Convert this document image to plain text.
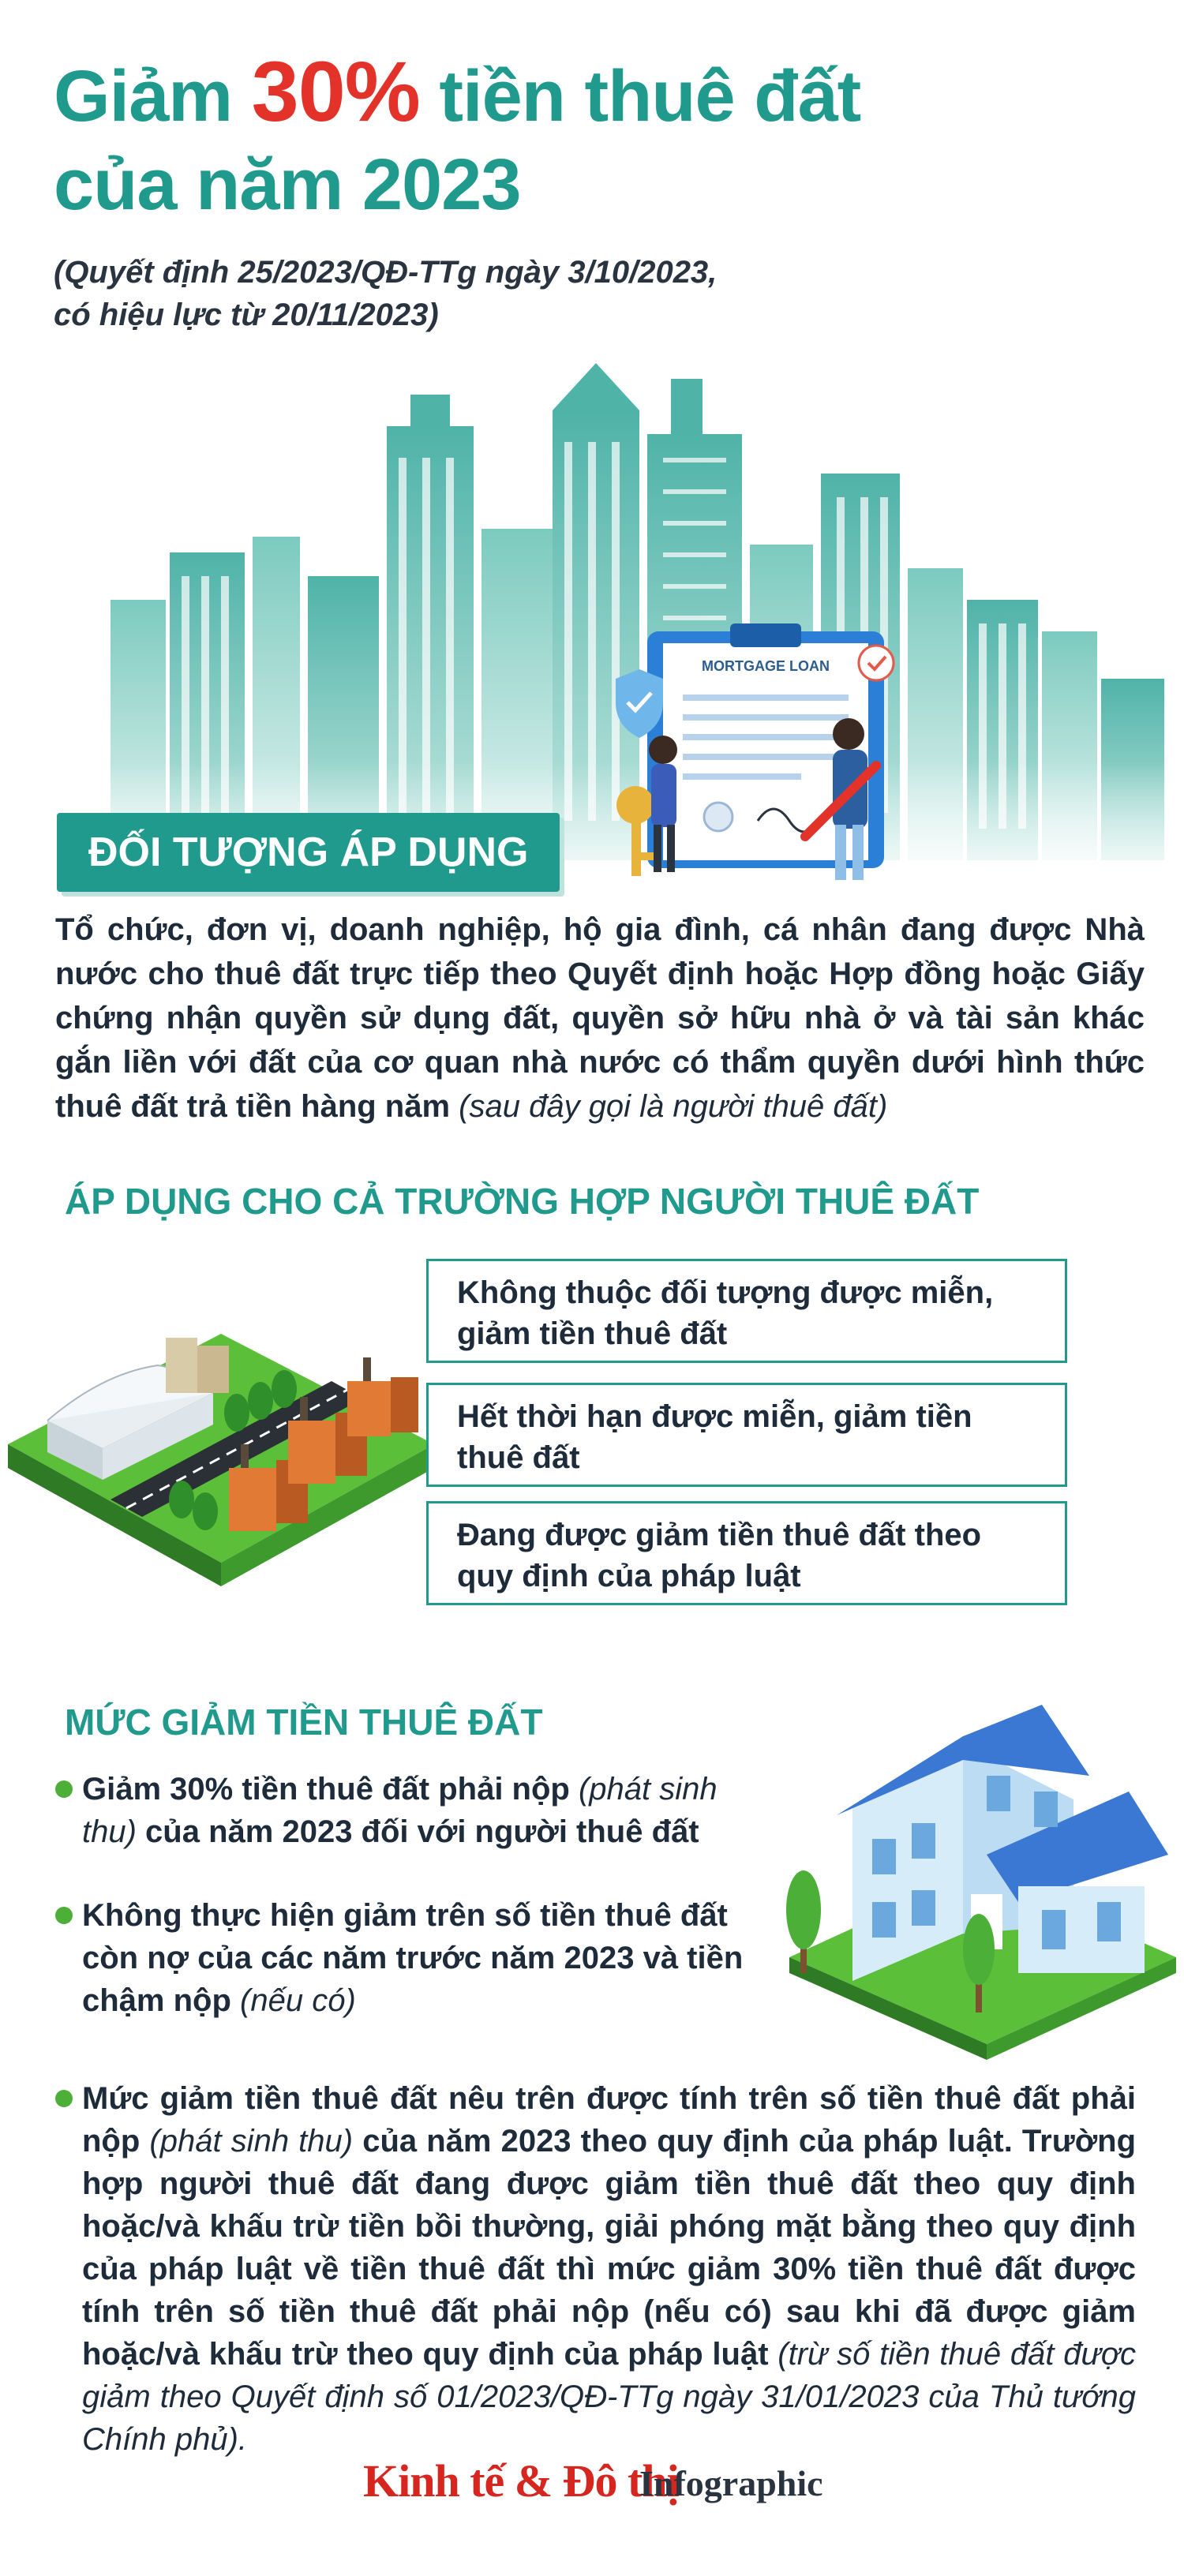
Giảm 30% tiền thuê đất
của năm 2023
(Quyết định 25/2023/QĐ-TTg ngày 3/10/2023,
có hiệu lực từ 20/11/2023)
MORTGAGE LOAN
ĐỐI TƯỢNG ÁP DỤNG
Tổ chức, đơn vị, doanh nghiệp, hộ gia đình, cá nhân đang được Nhà nước cho thuê đất trực tiếp theo Quyết định hoặc Hợp đồng hoặc Giấy chứng nhận quyền sử dụng đất, quyền sở hữu nhà ở và tài sản khác gắn liền với đất của cơ quan nhà nước có thẩm quyền dưới hình thức thuê đất trả tiền hàng năm (sau đây gọi là người thuê đất)
ÁP DỤNG CHO CẢ TRƯỜNG HỢP NGƯỜI THUÊ ĐẤT
Không thuộc đối tượng được miễn, giảm tiền thuê đất
Hết thời hạn được miễn, giảm tiền thuê đất
Đang được giảm tiền thuê đất theo quy định của pháp luật
MỨC GIẢM TIỀN THUÊ ĐẤT
Giảm 30% tiền thuê đất phải nộp (phát sinh thu) của năm 2023 đối với người thuê đất
Không thực hiện giảm trên số tiền thuê đất còn nợ của các năm trước năm 2023 và tiền chậm nộp (nếu có)
Mức giảm tiền thuê đất nêu trên được tính trên số tiền thuê đất phải nộp (phát sinh thu) của năm 2023 theo quy định của pháp luật. Trường hợp người thuê đất đang được giảm tiền thuê đất theo quy định hoặc/và khấu trừ tiền bồi thường, giải phóng mặt bằng theo quy định của pháp luật về tiền thuê đất thì mức giảm 30% tiền thuê đất được tính trên số tiền thuê đất phải nộp (nếu có) sau khi đã được giảm hoặc/và khấu trừ theo quy định của pháp luật (trừ số tiền thuê đất được giảm theo Quyết định số 01/2023/QĐ-TTg ngày 31/01/2023 của Thủ tướng Chính phủ).
Kinh tế & Đô thị
Infographic
